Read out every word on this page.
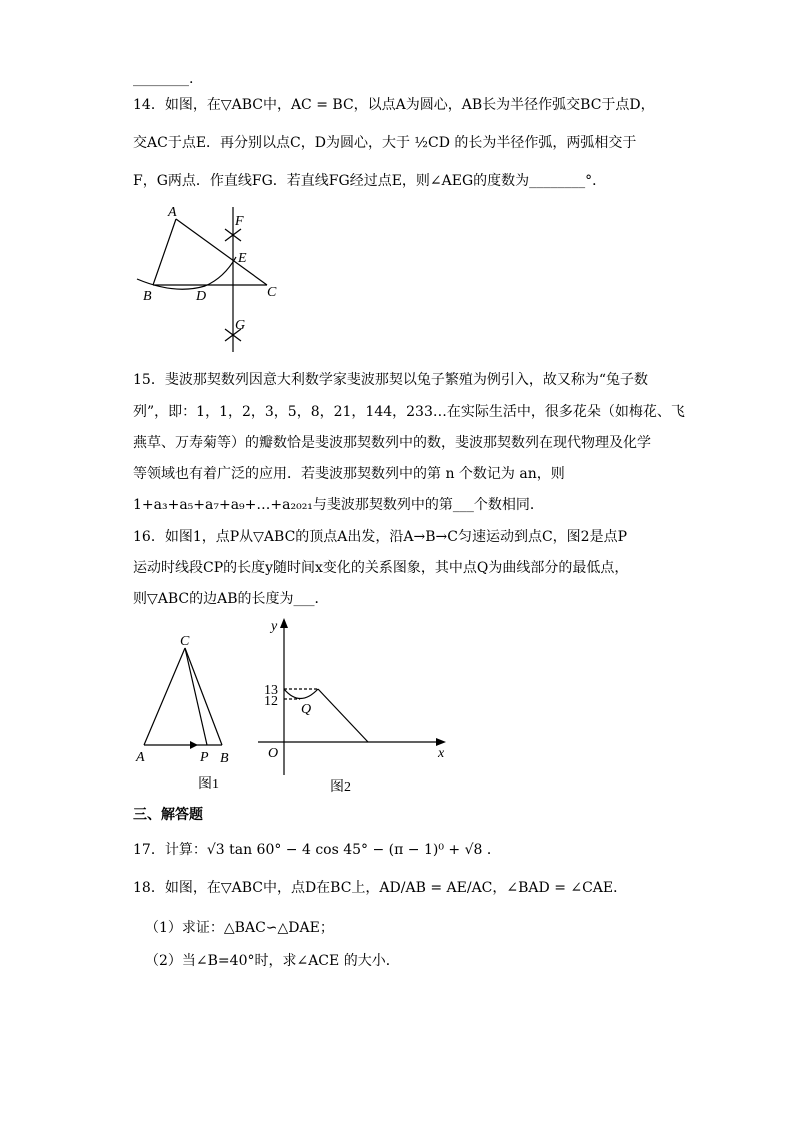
________.
14．如图，在▽ABC中，AC = BC，以点A为圆心，AB长为半径作弧交BC于点D，
交AC于点E．再分别以点C，D为圆心，大于 ½CD 的长为半径作弧，两弧相交于
F，G两点．作直线FG．若直线FG经过点E，则∠AEG的度数为________°．
A
B	C
D
E
F
G
15．斐波那契数列因意大利数学家斐波那契以兔子繁殖为例引入，故又称为“兔子数
列”，即：1，1，2，3，5，8，21，144，233…在实际生活中，很多花朵（如梅花、飞
燕草、万寿菊等）的瓣数恰是斐波那契数列中的数，斐波那契数列在现代物理及化学
等领域也有着广泛的应用．若斐波那契数列中的第 n 个数记为 an，则
1+a₃+a₅+a₇+a₉+…+a₂₀₂₁与斐波那契数列中的第___个数相同．
16．如图1，点P从▽ABC的顶点A出发，沿A→B→C匀速运动到点C，图2是点P
运动时线段CP的长度y随时间x变化的关系图象，其中点Q为曲线部分的最低点，
则▽ABC的边AB的长度为___．
C
A	P B
图1
y
x
O
13
12
Q
图2
三、解答题
17．计算：√3 tan 60° − 4 cos 45° − (π − 1)⁰ + √8 ．
18．如图，在▽ABC中，点D在BC上，AD/AB = AE/AC，∠BAD = ∠CAE．
（1）求证：△BAC∽△DAE；
（2）当∠B=40°时，求∠ACE 的大小．
